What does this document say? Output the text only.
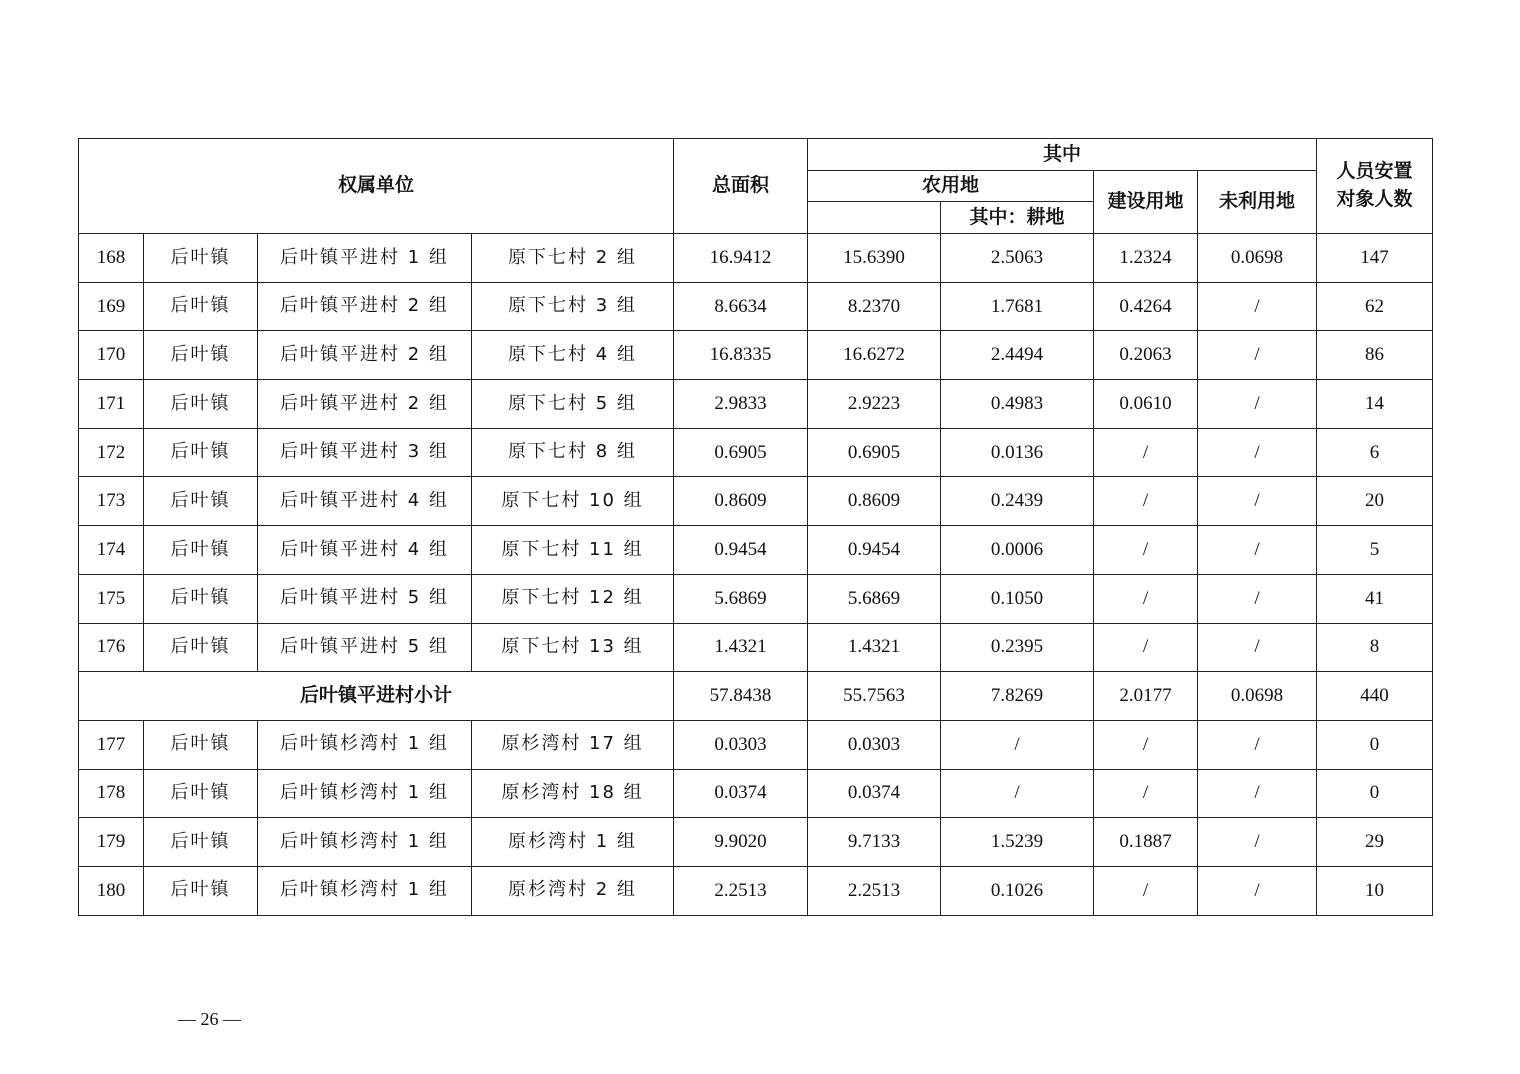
权属单位				总面积	其中				人员安置
对象人数

					农用地		建设用地	未利用地	
						其中：耕地			
168	后叶镇	后叶镇平进村 1 组	原下七村 2 组	16.9412	15.6390	2.5063	1.2324	0.0698	147
169	后叶镇	后叶镇平进村 2 组	原下七村 3 组	8.6634	8.2370	1.7681	0.4264	/	62
170	后叶镇	后叶镇平进村 2 组	原下七村 4 组	16.8335	16.6272	2.4494	0.2063	/	86
171	后叶镇	后叶镇平进村 2 组	原下七村 5 组	2.9833	2.9223	0.4983	0.0610	/	14
172	后叶镇	后叶镇平进村 3 组	原下七村 8 组	0.6905	0.6905	0.0136	/	/	6
173	后叶镇	后叶镇平进村 4 组	原下七村 10 组	0.8609	0.8609	0.2439	/	/	20
174	后叶镇	后叶镇平进村 4 组	原下七村 11 组	0.9454	0.9454	0.0006	/	/	5
175	后叶镇	后叶镇平进村 5 组	原下七村 12 组	5.6869	5.6869	0.1050	/	/	41
176	后叶镇	后叶镇平进村 5 组	原下七村 13 组	1.4321	1.4321	0.2395	/	/	8
后叶镇平进村小计				57.8438	55.7563	7.8269	2.0177	0.0698	440
177	后叶镇	后叶镇杉湾村 1 组	原杉湾村 17 组	0.0303	0.0303	/	/	/	0
178	后叶镇	后叶镇杉湾村 1 组	原杉湾村 18 组	0.0374	0.0374	/	/	/	0
179	后叶镇	后叶镇杉湾村 1 组	原杉湾村 1 组	9.9020	9.7133	1.5239	0.1887	/	29
180	后叶镇	后叶镇杉湾村 1 组	原杉湾村 2 组	2.2513	2.2513	0.1026	/	/	10
— 26 —
